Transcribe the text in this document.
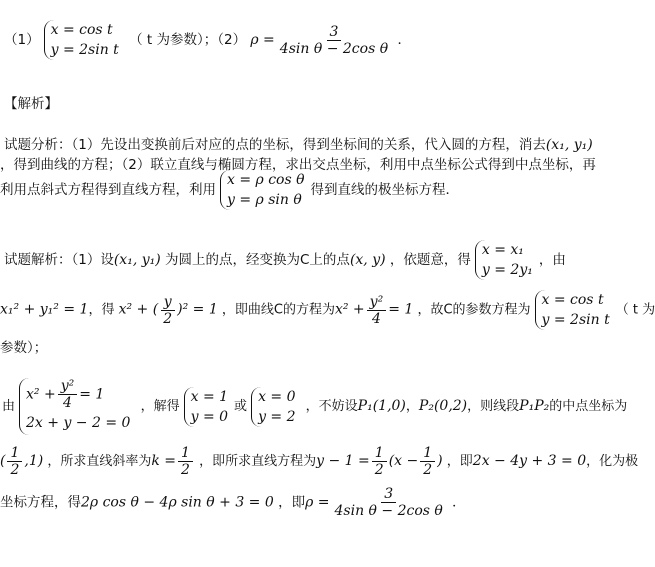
（1）
x = cos t
y = 2sin t
（ t 为参数）；（2） $\rho = \frac{3}{\text{4sin θ − 2cos θ}}$ ．
【解析】
试题分析：（1）先设出变换前后对应的点的坐标，得到坐标间的关系，代入圆的方程，消去(x₁, y₁)
，得到曲线的方程；（2）联立直线与椭圆方程，求出交点坐标，利用中点坐标公式得到中点坐标，再
利用点斜式方程得到直线方程，利用
x = ρ cos θ
y = ρ sin θ
得到直线的极坐标方程．
试题解析：（1）设(x₁, y₁) 为圆上的点，经变换为C上的点(x, y) ，依题意，得
x = x₁
y = 2y₁
，由
x₁² + y₁² = 1，得 x² + ( $\frac{y}{2} )^2 = 1$ ，即曲线C的方程为$x^2 + \frac{\text{y²}}{4} = 1$ ，故C的参数方程为
x = cos t
y = 2sin t
（ t 为
参数）；
由
$x^2 + \frac{\text{y²}}{4} = 1$
2x + y − 2 = 0
，解得
x = 1
y = 0
或
x = 0
y = 2
，不妨设P₁(1,0)，P₂(0,2)，则线段P₁P₂的中点坐标为
( $\frac{1}{2} ,1$) ，所求直线斜率为$k = \frac{1}{2}$ ，即所求直线方程为$y - 1 = \frac{1}{2} (x - \frac{1}{2}$ ) ，即2x − 4y + 3 = 0，化为极
坐标方程，得2ρ cos θ − 4ρ sin θ + 3 = 0 ，即$\rho = \frac{3}{\text{4sin θ − 2cos θ}}$ ．
